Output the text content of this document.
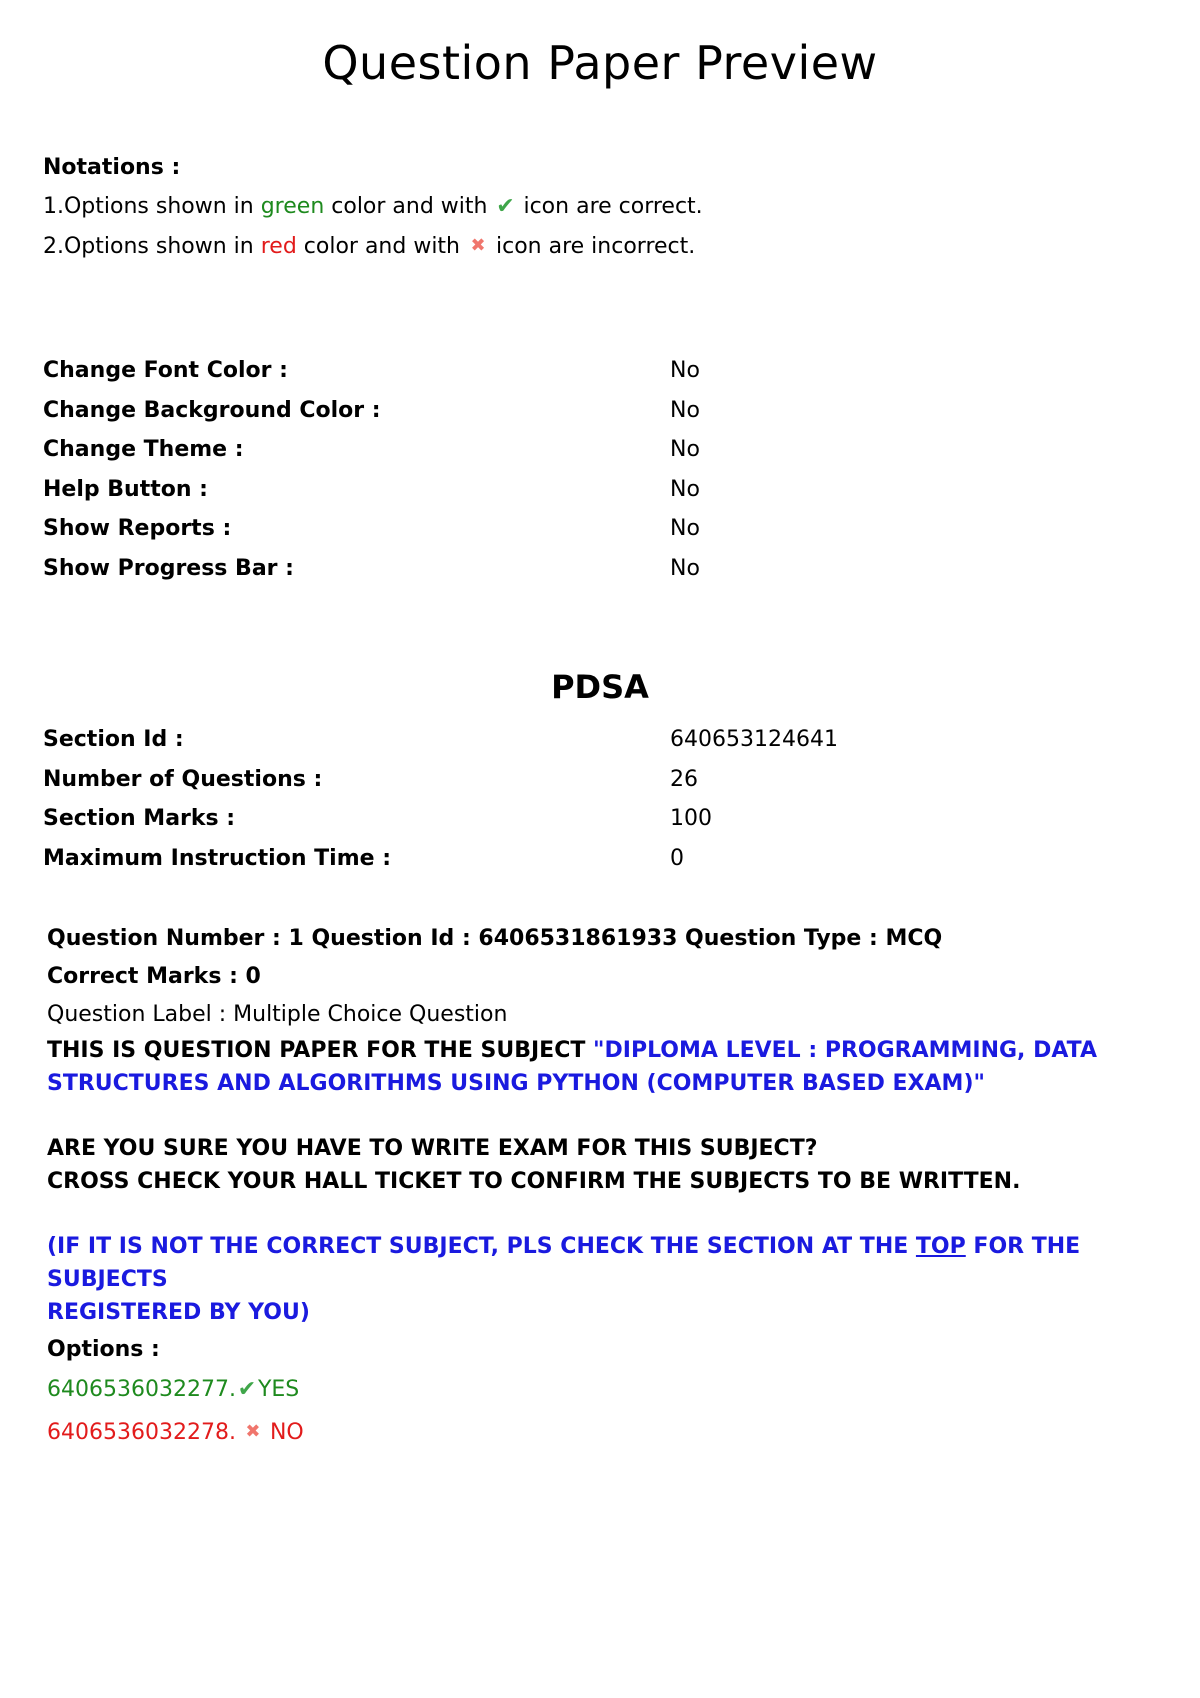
Question Paper Preview
Notations :
1.Options shown in green color and with ✔ icon are correct.
2.Options shown in red color and with ✖ icon are incorrect.
Change Font Color :	No
Change Background Color :	No
Change Theme :	No
Help Button :	No
Show Reports :	No
Show Progress Bar :	No
PDSA
Section Id :	640653124641
Number of Questions :	26
Section Marks :	100
Maximum Instruction Time :	0
Question Number : 1 Question Id : 6406531861933 Question Type : MCQ
Correct Marks : 0
Question Label : Multiple Choice Question
THIS IS QUESTION PAPER FOR THE SUBJECT "DIPLOMA LEVEL : PROGRAMMING, DATA
STRUCTURES AND ALGORITHMS USING PYTHON (COMPUTER BASED EXAM)"
ARE YOU SURE YOU HAVE TO WRITE EXAM FOR THIS SUBJECT?
CROSS CHECK YOUR HALL TICKET TO CONFIRM THE SUBJECTS TO BE WRITTEN.
(IF IT IS NOT THE CORRECT SUBJECT, PLS CHECK THE SECTION AT THE TOP FOR THE SUBJECTS
REGISTERED BY YOU)
Options :
6406536032277.✔YES
6406536032278. ✖ NO
